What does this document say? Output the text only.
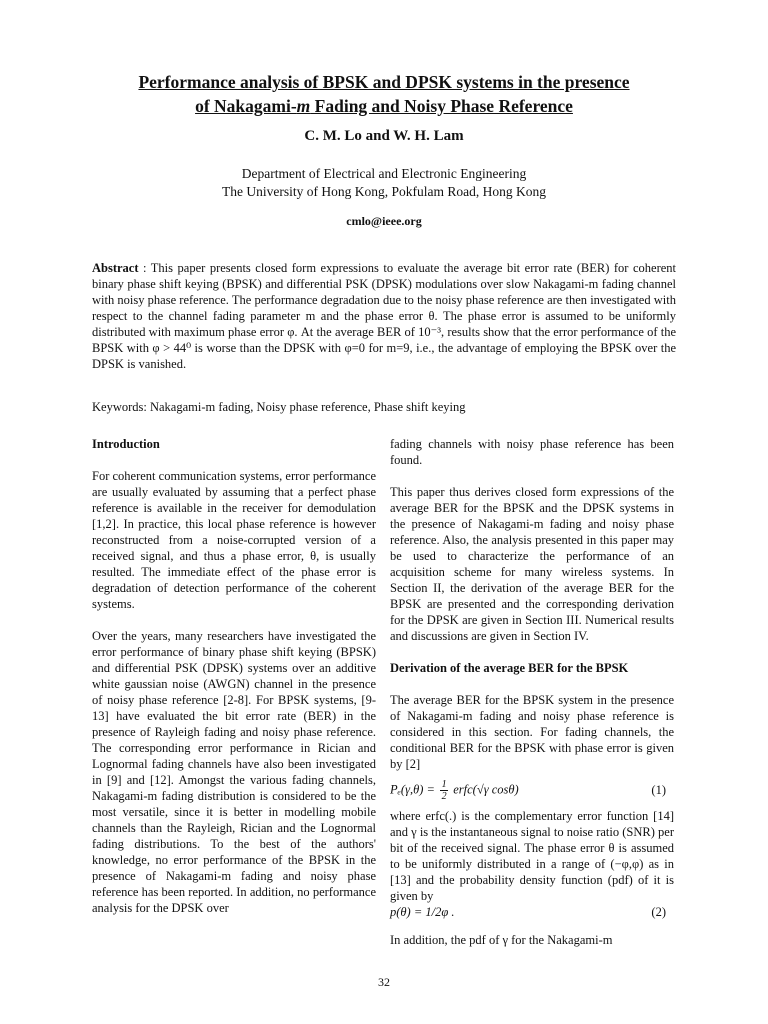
Performance analysis of BPSK and DPSK systems in the presence
of Nakagami-m Fading and Noisy Phase Reference
C. M. Lo and W. H. Lam
Department of Electrical and Electronic Engineering
The University of Hong Kong, Pokfulam Road, Hong Kong
cmlo@ieee.org
Abstract : This paper presents closed form expressions to evaluate the average bit error rate (BER) for coherent binary phase shift keying (BPSK) and differential PSK (DPSK) modulations over slow Nakagami-m fading channel with noisy phase reference. The performance degradation due to the noisy phase reference are then investigated with respect to the channel fading parameter m and the phase error θ. The phase error is assumed to be uniformly distributed with maximum phase error φ. At the average BER of 10⁻³, results show that the error performance of the BPSK with φ > 44⁰ is worse than the DPSK with φ=0 for m=9, i.e., the advantage of employing the BPSK over the DPSK is vanished.
Keywords: Nakagami-m fading, Noisy phase reference, Phase shift keying
Introduction

For coherent communication systems, error performance are usually evaluated by assuming that a perfect phase reference is available in the receiver for demodulation [1,2]. In practice, this local phase reference is however reconstructed from a noise-corrupted version of a received signal, and thus a phase error, θ, is usually resulted. The immediate effect of the phase error is degradation of detection performance of the coherent systems.

Over the years, many researchers have investigated the error performance of binary phase shift keying (BPSK) and differential PSK (DPSK) systems over an additive white gaussian noise (AWGN) channel in the presence of noisy phase reference [2-8]. For BPSK systems, [9-13] have evaluated the bit error rate (BER) in the presence of Rayleigh fading and noisy phase reference. The corresponding error performance in Rician and Lognormal fading channels have also been investigated in [9] and [12]. Amongst the various fading channels, Nakagami-m fading distribution is considered to be the most versatile, since it is better in modelling mobile channels than the Rayleigh, Rician and the Lognormal fading distributions. To the best of the authors' knowledge, no error performance of the BPSK in the presence of Nakagami-m fading and noisy phase reference has been reported. In addition, no performance analysis for the DPSK over

fading channels with noisy phase reference has been found.

This paper thus derives closed form expressions of the average BER for the BPSK and the DPSK systems in the presence of Nakagami-m fading and noisy phase reference. Also, the analysis presented in this paper may be used to characterize the performance of an acquisition scheme for many wireless systems. In Section II, the derivation of the average BER for the BPSK are presented and the corresponding derivation for the DPSK are given in Section III. Numerical results and discussions are given in Section IV.

Derivation of the average BER for the BPSK

The average BER for the BPSK system in the presence of Nakagami-m fading and noisy phase reference is considered in this section. For fading channels, the conditional BER for the BPSK with phase error is given by [2]

$P_e(\gamma,\theta) = \frac{1}{2}$ erfc(√γ cosθ)	(1)

where erfc(.) is the complementary error function [14] and γ is the instantaneous signal to noise ratio (SNR) per bit of the received signal. The phase error θ is assumed to be uniformly distributed in a range of (−φ,φ) as in [13] and the probability density function (pdf) of it is given by

p(θ) = 1/2φ .	(2)

In addition, the pdf of γ for the Nakagami-m

32
